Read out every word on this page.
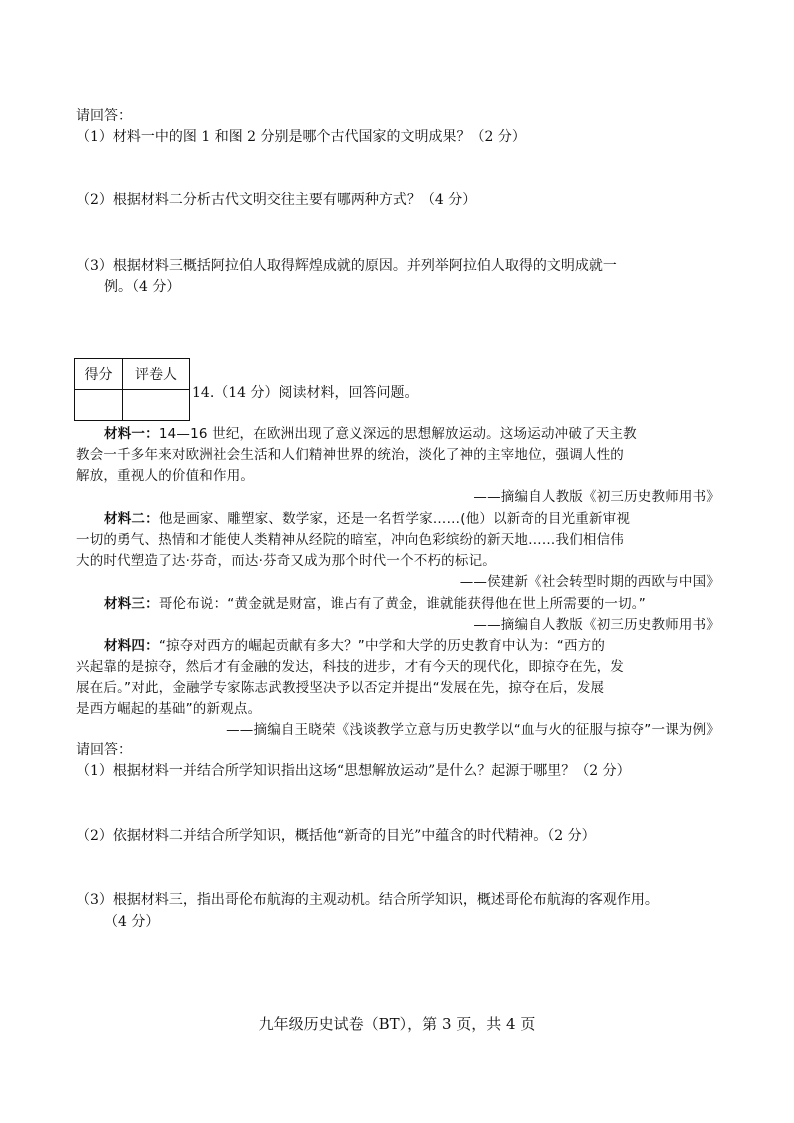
请回答：
（1）材料一中的图 1 和图 2 分别是哪个古代国家的文明成果？（2 分）
（2）根据材料二分析古代文明交往主要有哪两种方式？（4 分）
（3）根据材料三概括阿拉伯人取得辉煌成就的原因。并列举阿拉伯人取得的文明成就一
例。（4 分）
得分	评卷人

14.（14 分）阅读材料，回答问题。
材料一：14—16 世纪，在欧洲出现了意义深远的思想解放运动。这场运动冲破了天主教
教会一千多年来对欧洲社会生活和人们精神世界的统治，淡化了神的主宰地位，强调人性的
解放，重视人的价值和作用。
——摘编自人教版《初三历史教师用书》
材料二：他是画家、雕塑家、数学家，还是一名哲学家……(他）以新奇的目光重新审视
一切的勇气、热情和才能使人类精神从经院的暗室，冲向色彩缤纷的新天地……我们相信伟
大的时代塑造了达·芬奇，而达·芬奇又成为那个时代一个不朽的标记。
——侯建新《社会转型时期的西欧与中国》
材料三：哥伦布说：“黄金就是财富，谁占有了黄金，谁就能获得他在世上所需要的一切。”
——摘编自人教版《初三历史教师用书》
材料四：“掠夺对西方的崛起贡献有多大？”中学和大学的历史教育中认为：“西方的
兴起靠的是掠夺，然后才有金融的发达，科技的进步，才有今天的现代化，即掠夺在先，发
展在后。”对此，金融学专家陈志武教授坚决予以否定并提出“发展在先，掠夺在后，发展
是西方崛起的基础”的新观点。
——摘编自王晓荣《浅谈教学立意与历史教学以“血与火的征服与掠夺”一课为例》
请回答：
（1）根据材料一并结合所学知识指出这场“思想解放运动”是什么？起源于哪里？（2 分）
（2）依据材料二并结合所学知识，概括他“新奇的目光”中蕴含的时代精神。（2 分）
（3）根据材料三，指出哥伦布航海的主观动机。结合所学知识，概述哥伦布航海的客观作用。
（4 分）
九年级历史试卷（BT），第 3 页，共 4 页
